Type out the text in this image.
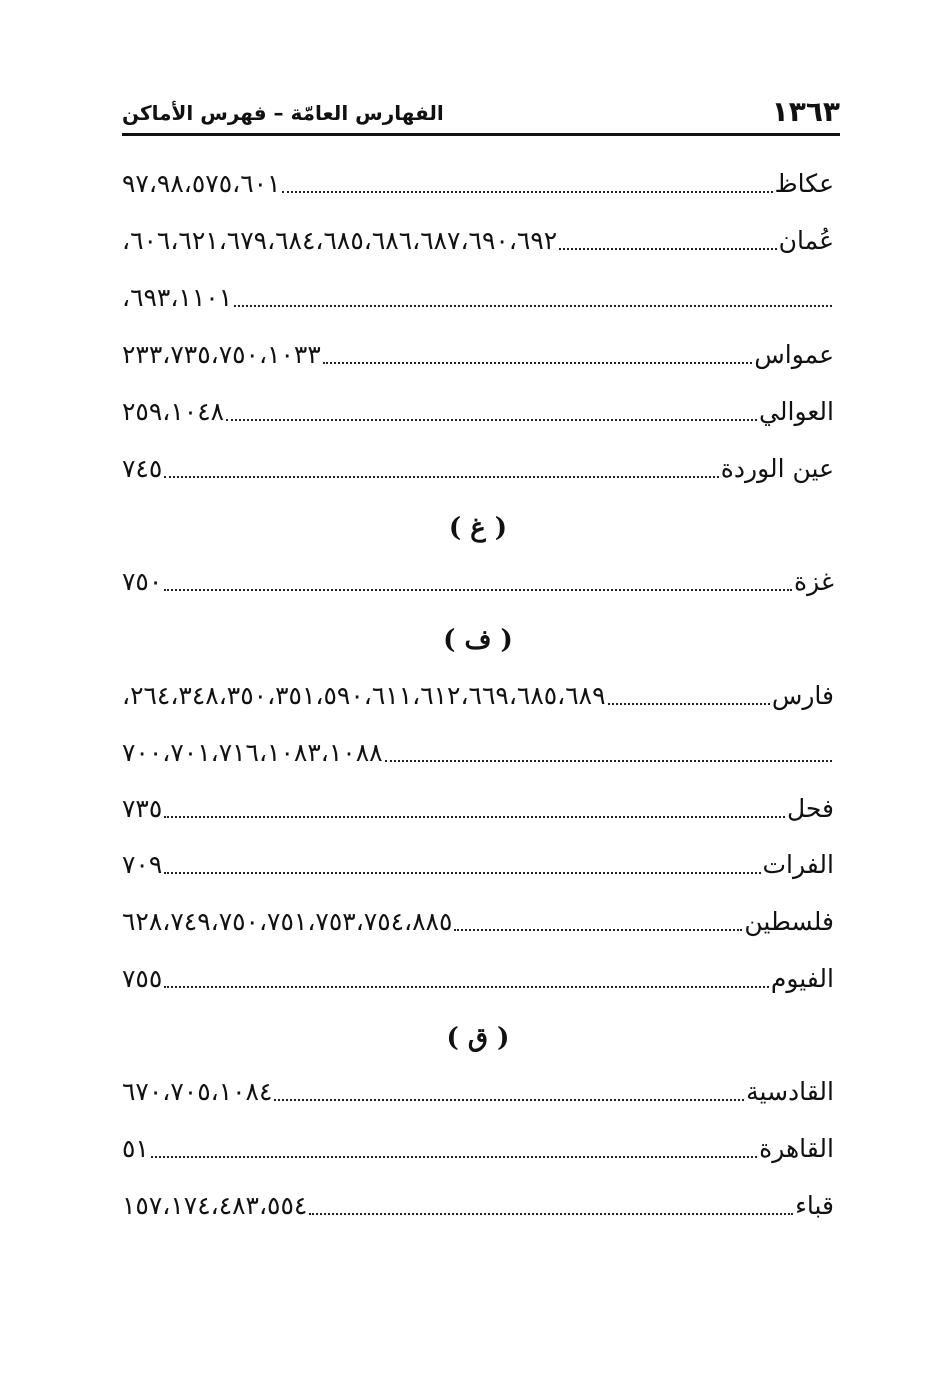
١٣٦٣
الفهارس العامّة – فهرس الأماكن
عكاظ
٩٧،٩٨،٥٧٥،٦٠١
عُمان
٦٠٦،٦٢١،٦٧٩،٦٨٤،٦٨٥،٦٨٦،٦٨٧،٦٩٠،٦٩٢،
٦٩٣،١١٠١،
عمواس
٢٣٣،٧٣٥،٧٥٠،١٠٣٣
العوالي
٢٥٩،١٠٤٨
عين الوردة
٧٤٥
( غ )
غزة
٧٥٠
( ف )
فارس
٢٦٤،٣٤٨،٣٥٠،٣٥١،٥٩٠،٦١١،٦١٢،٦٦٩،٦٨٥،٦٨٩،
٧٠٠،٧٠١،٧١٦،١٠٨٣،١٠٨٨
فحل
٧٣٥
الفرات
٧٠٩
فلسطين
٦٢٨،٧٤٩،٧٥٠،٧٥١،٧٥٣،٧٥٤،٨٨٥
الفيوم
٧٥٥
( ق )
القادسية
٦٧٠،٧٠٥،١٠٨٤
القاهرة
٥١
قباء
١٥٧،١٧٤،٤٨٣،٥٥٤
